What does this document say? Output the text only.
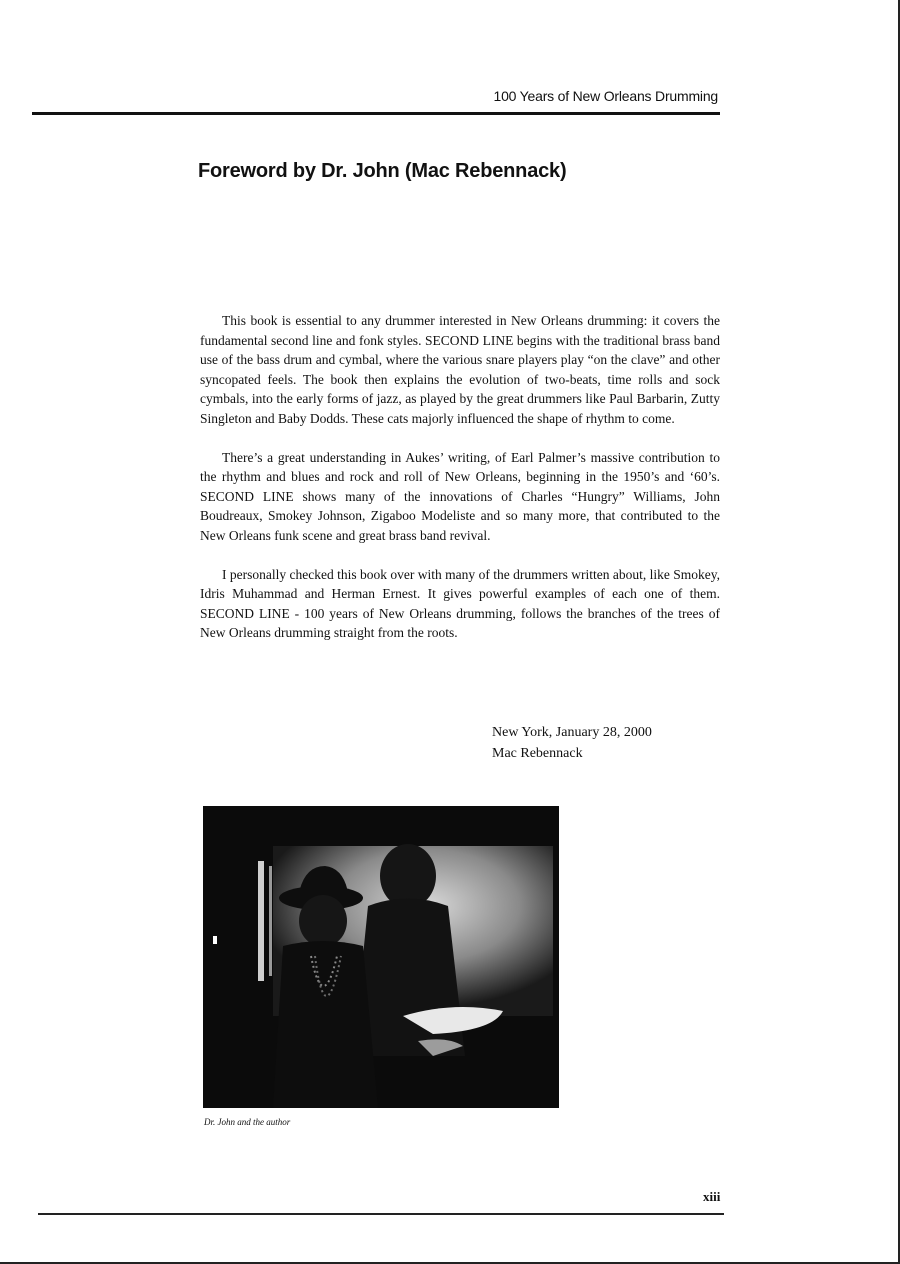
100 Years of New Orleans Drumming
Foreword by Dr. John (Mac Rebennack)

This book is essential to any drummer interested in New Orleans drumming: it covers the fundamental second line and fonk styles. SECOND LINE begins with the traditional brass band use of the bass drum and cymbal, where the various snare players play “on the clave” and other syncopated feels. The book then explains the evolution of two-beats, time rolls and sock cymbals, into the early forms of jazz, as played by the great drummers like Paul Barbarin, Zutty Singleton and Baby Dodds. These cats majorly influenced the shape of rhythm to come.

There’s a great understanding in Aukes’ writing, of Earl Palmer’s massive contribution to the rhythm and blues and rock and roll of New Orleans, beginning in the 1950’s and ‘60’s. SECOND LINE shows many of the innovations of Charles “Hungry” Williams, John Boudreaux, Smokey Johnson, Zigaboo Modeliste and so many more, that contributed to the New Orleans funk scene and great brass band revival.

I personally checked this book over with many of the drummers written about, like Smokey, Idris Muhammad and Herman Ernest. It gives powerful examples of each one of them. SECOND LINE - 100 years of New Orleans drumming, follows the branches of the trees of New Orleans drumming straight from the roots.

New York, January 28, 2000
Mac Rebennack
Dr. John and the author
xiii
